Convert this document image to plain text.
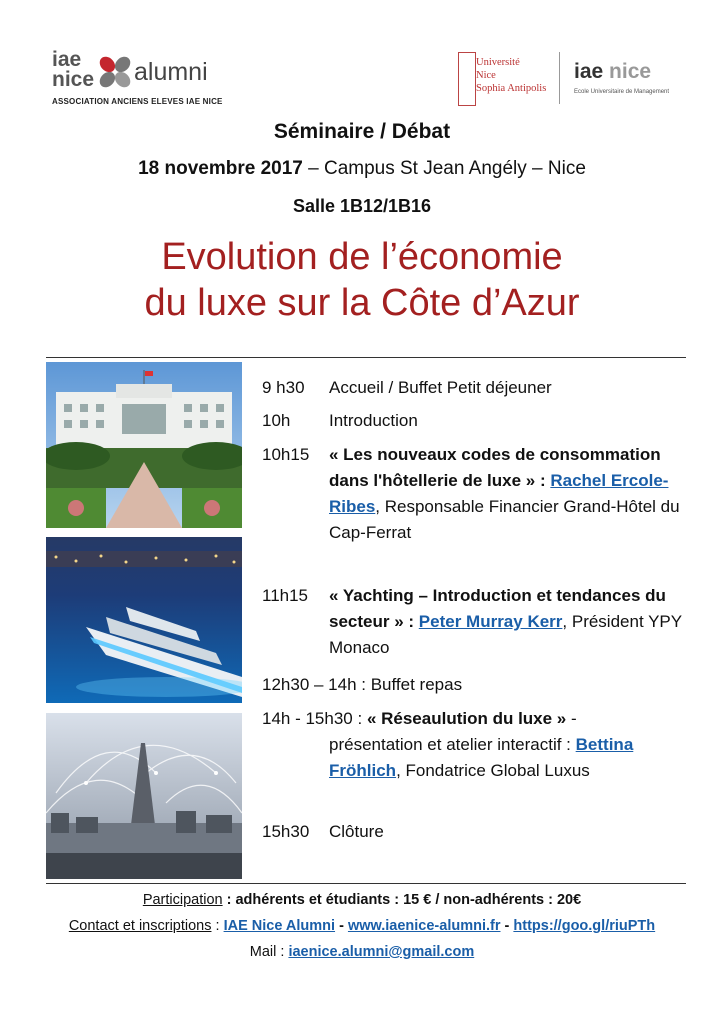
iae
nice alumni
ASSOCIATION ANCIENS ELEVES IAE NICE
Université
Nice
Sophia Antipolis
iae nice
Ecole Universitaire de Management
Séminaire / Débat
18 novembre 2017 – Campus St Jean Angély – Nice
Salle 1B12/1B16
Evolution de l’économie
du luxe sur la Côte d’Azur
9 h30 Accueil / Buffet Petit déjeuner
10h Introduction
10h15 « Les nouveaux codes de consommation dans l'hôtellerie de luxe » : Rachel Ercole-Ribes, Responsable Financier Grand-Hôtel du Cap-Ferrat
11h15 « Yachting – Introduction et tendances du secteur » : Peter Murray Kerr, Président YPY Monaco
12h30 – 14h : Buffet repas
14h - 15h30 : « Réseaulution du luxe » -
présentation et atelier interactif : Bettina Fröhlich, Fondatrice Global Luxus
15h30 Clôture
Participation : adhérents et étudiants : 15 € / non-adhérents : 20€
Contact et inscriptions : IAE Nice Alumni - www.iaenice-alumni.fr - https://goo.gl/riuPTh
Mail : iaenice.alumni@gmail.com
